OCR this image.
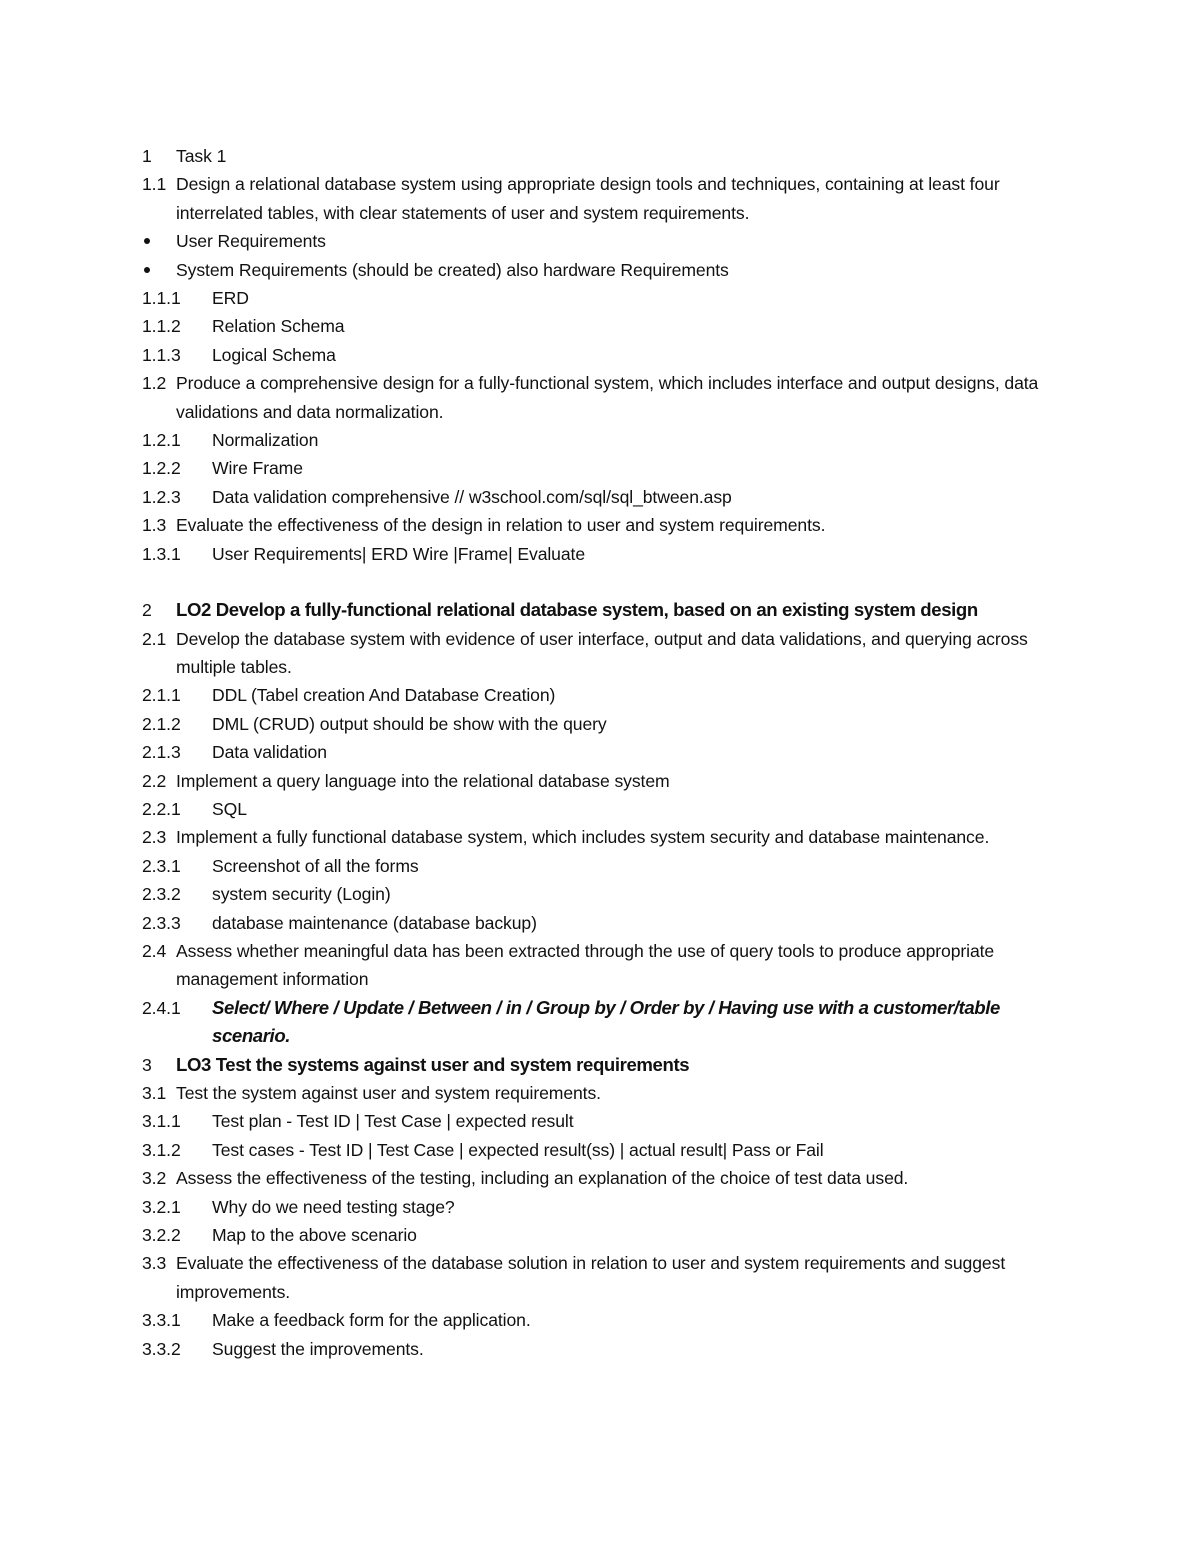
1	Task 1
1.1 Design a relational database system using appropriate design tools and techniques, containing at least four interrelated tables, with clear statements of user and system requirements.
User Requirements
System Requirements (should be created) also hardware Requirements
1.1.1	ERD
1.1.2	Relation Schema
1.1.3	Logical Schema
1.2 Produce a comprehensive design for a fully-functional system, which includes interface and output designs, data validations and data normalization.
1.2.1	Normalization
1.2.2	Wire Frame
1.2.3	Data validation comprehensive // w3school.com/sql/sql_btween.asp
1.3 Evaluate the effectiveness of the design in relation to user and system requirements.
1.3.1	User Requirements| ERD Wire |Frame| Evaluate
2	LO2 Develop a fully-functional relational database system, based on an existing system design
2.1 Develop the database system with evidence of user interface, output and data validations, and querying across multiple tables.
2.1.1	DDL (Tabel creation And Database Creation)
2.1.2	DML (CRUD) output should be show with the query
2.1.3	Data validation
2.2 Implement a query language into the relational database system
2.2.1	SQL
2.3 Implement a fully functional database system, which includes system security and database maintenance.
2.3.1	Screenshot of all the forms
2.3.2	system security (Login)
2.3.3	database maintenance (database backup)
2.4 Assess whether meaningful data has been extracted through the use of query tools to produce appropriate management information
2.4.1	Select/ Where / Update / Between / in / Group by / Order by / Having use with a customer/table scenario.
3	LO3 Test the systems against user and system requirements
3.1 Test the system against user and system requirements.
3.1.1	Test plan - Test ID | Test Case | expected result
3.1.2	Test cases - Test ID | Test Case | expected result(ss) | actual result| Pass or Fail
3.2 Assess the effectiveness of the testing, including an explanation of the choice of test data used.
3.2.1	Why do we need testing stage?
3.2.2	Map to the above scenario
3.3 Evaluate the effectiveness of the database solution in relation to user and system requirements and suggest improvements.
3.3.1	Make a feedback form for the application.
3.3.2	Suggest the improvements.
